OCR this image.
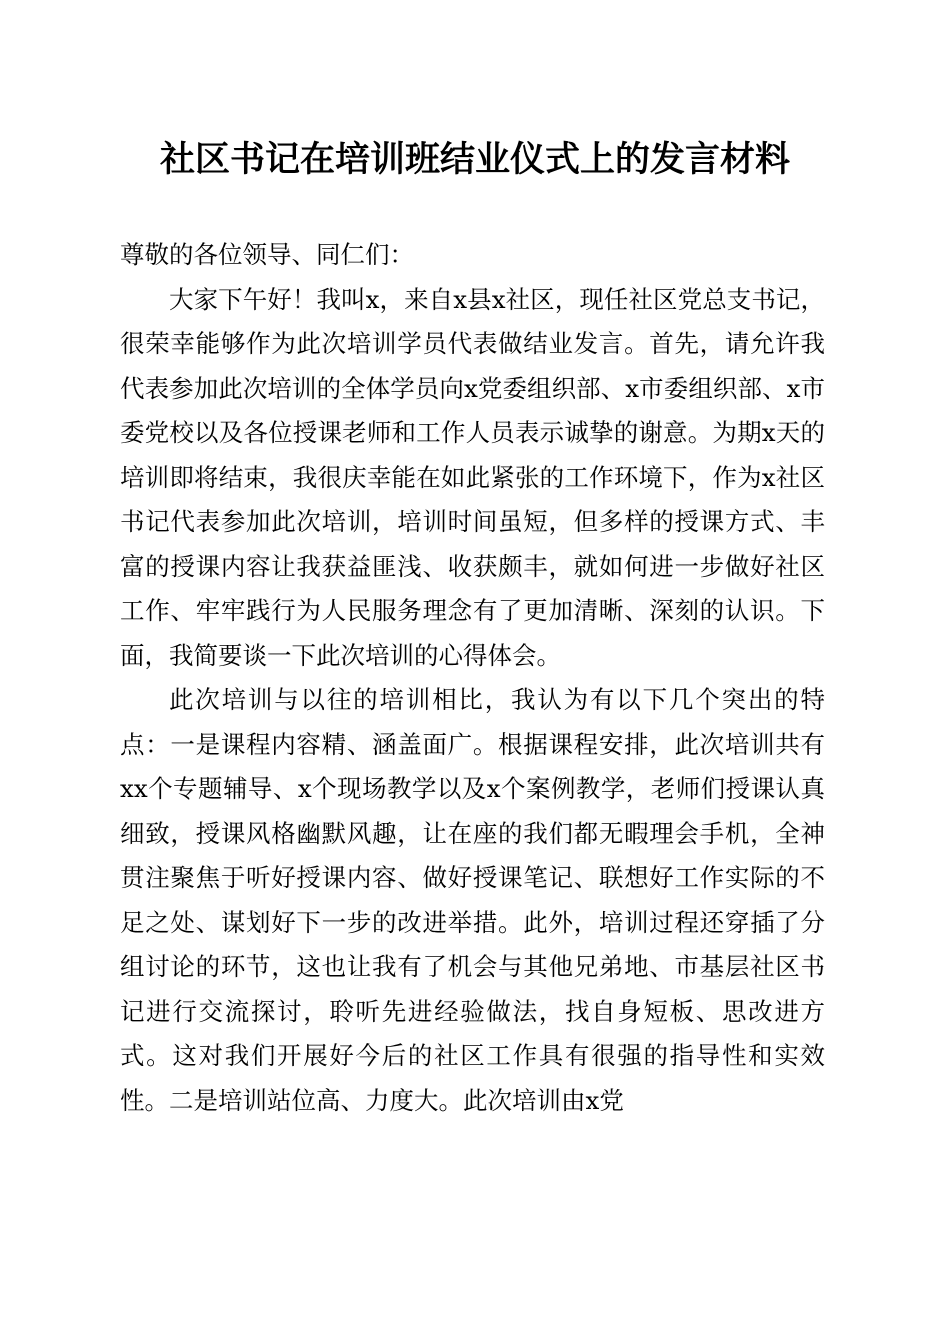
社区书记在培训班结业仪式上的发言材料

尊敬的各位领导、同仁们：

大家下午好！我叫x，来自x县x社区，现任社区党总支书记，很荣幸能够作为此次培训学员代表做结业发言。首先，请允许我代表参加此次培训的全体学员向x党委组织部、x市委组织部、x市委党校以及各位授课老师和工作人员表示诚挚的谢意。为期x天的培训即将结束，我很庆幸能在如此紧张的工作环境下，作为x社区书记代表参加此次培训，培训时间虽短，但多样的授课方式、丰富的授课内容让我获益匪浅、收获颇丰，就如何进一步做好社区工作、牢牢践行为人民服务理念有了更加清晰、深刻的认识。下面，我简要谈一下此次培训的心得体会。

此次培训与以往的培训相比，我认为有以下几个突出的特点：一是课程内容精、涵盖面广。根据课程安排，此次培训共有xx个专题辅导、x个现场教学以及x个案例教学，老师们授课认真细致，授课风格幽默风趣，让在座的我们都无暇理会手机，全神贯注聚焦于听好授课内容、做好授课笔记、联想好工作实际的不足之处、谋划好下一步的改进举措。此外，培训过程还穿插了分组讨论的环节，这也让我有了机会与其他兄弟地、市基层社区书记进行交流探讨，聆听先进经验做法，找自身短板、思改进方式。这对我们开展好今后的社区工作具有很强的指导性和实效性。二是培训站位高、力度大。此次培训由x党
